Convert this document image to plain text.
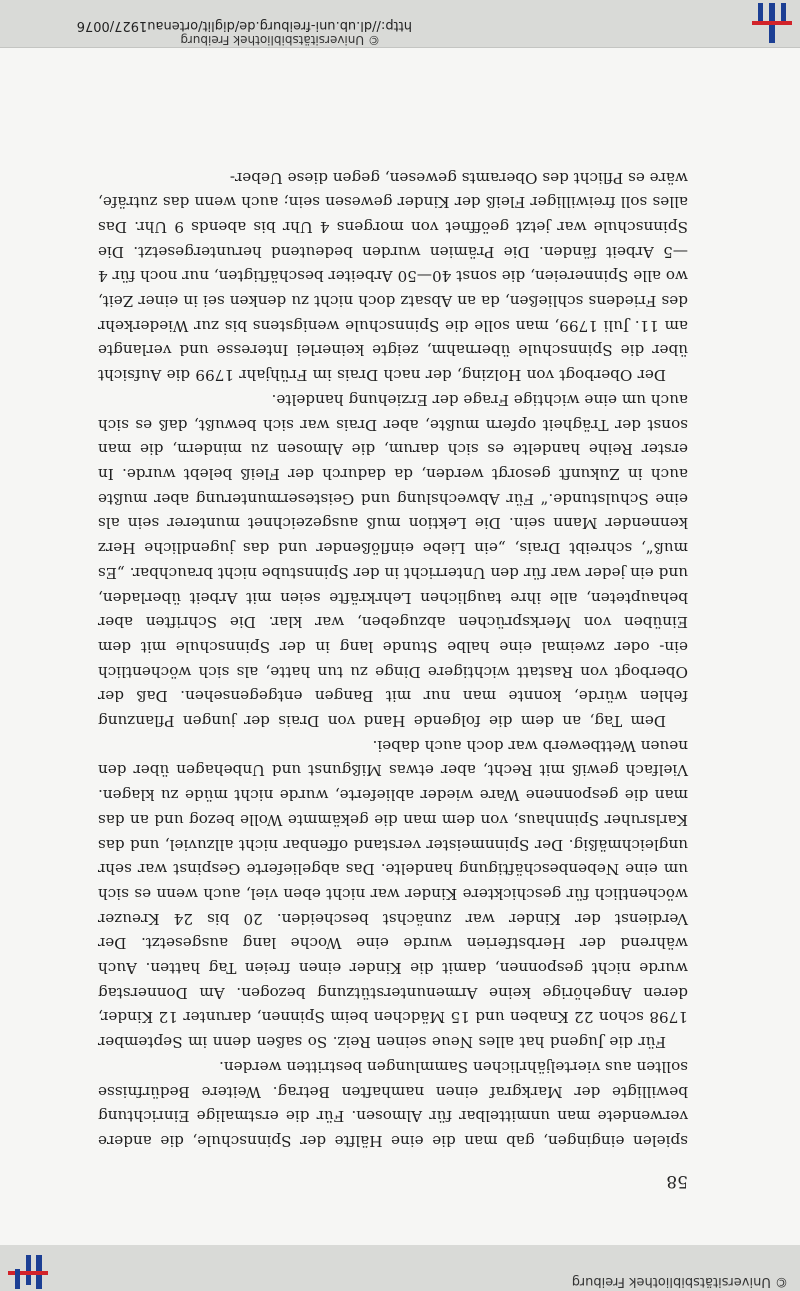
© Universitätsbibliothek Freiburg
58

spielen eingingen, gab man die eine Hälfte der Spinnschule, die andere verwendete man unmittelbar für Almosen. Für die erstmalige Einrichtung bewilligte der Markgraf einen namhaften Betrag. Weitere Bedürfnisse sollten aus vierteljährlichen Sammlungen bestritten werden.

Für die Jugend hat alles Neue seinen Reiz. So saßen denn im September 1798 schon 22 Knaben und 15 Mädchen beim Spinnen, darunter 12 Kinder, deren Angehörige keine Armenunterstützung bezogen. Am Donnerstag wurde nicht gesponnen, damit die Kinder einen freien Tag hatten. Auch während der Herbstferien wurde eine Woche lang ausgesetzt. Der Verdienst der Kinder war zunächst bescheiden. 20 bis 24 Kreuzer wöchentlich für geschicktere Kinder war nicht eben viel, auch wenn es sich um eine Nebenbeschäftigung handelte. Das abgelieferte Gespinst war sehr ungleichmäßig. Der Spinnmeister verstand offenbar nicht allzuviel, und das Karlsruher Spinnhaus, von dem man die gekämmte Wolle bezog und an das man die gesponnene Ware wieder ablieferte, wurde nicht müde zu klagen. Vielfach gewiß mit Recht, aber etwas Mißgunst und Unbehagen über den neuen Wettbewerb war doch auch dabei.

Dem Tag, an dem die folgende Hand von Drais der jungen Pflanzung fehlen würde, konnte man nur mit Bangen entgegensehen. Daß der Oberbogt von Rastatt wichtigere Dinge zu tun hatte, als sich wöchentlich ein- oder zweimal eine halbe Stunde lang in der Spinnschule mit dem Einüben von Merksprüchen abzugeben, war klar. Die Schriften aber behaupteten, alle ihre tauglichen Lehrkräfte seien mit Arbeit überladen, und ein jeder war für den Unterricht in der Spinnstube nicht brauchbar. „Es muß“, schreibt Drais, „ein Liebe einflößender und das jugendliche Herz kennender Mann sein. Die Lektion muß ausgezeichnet munterer sein als eine Schulstunde.“ Für Abwechslung und Geistesermunterung aber mußte auch in Zukunft gesorgt werden, da dadurch der Fleiß belebt wurde. In erster Reihe handelte es sich darum, die Almosen zu mindern, die man sonst der Trägheit opfern mußte, aber Drais war sich bewußt, daß es sich auch um eine wichtige Frage der Erziehung handelte.

Der Oberbogt von Holzing, der nach Drais im Frühjahr 1799 die Aufsicht über die Spinnschule übernahm, zeigte keinerlei Interesse und verlangte am 11. Juli 1799, man solle die Spinnschule wenigstens bis zur Wiederkehr des Friedens schließen, da an Absatz doch nicht zu denken sei in einer Zeit, wo alle Spinnereien, die sonst 40—50 Arbeiter beschäftigten, nur noch für 4—5 Arbeit fänden. Die Prämien wurden bedeutend heruntergesetzt. Die Spinnschule war jetzt geöffnet von morgens 4 Uhr bis abends 9 Uhr. Das alles soll freiwilliger Fleiß der Kinder gewesen sein; auch wenn das zuträfe, wäre es Pflicht des Oberamts gewesen, gegen diese Ueber-

© Universitätsbibliothek Freiburg
http://dl.ub.uni-freiburg.de/diglit/ortenau1927/0076
